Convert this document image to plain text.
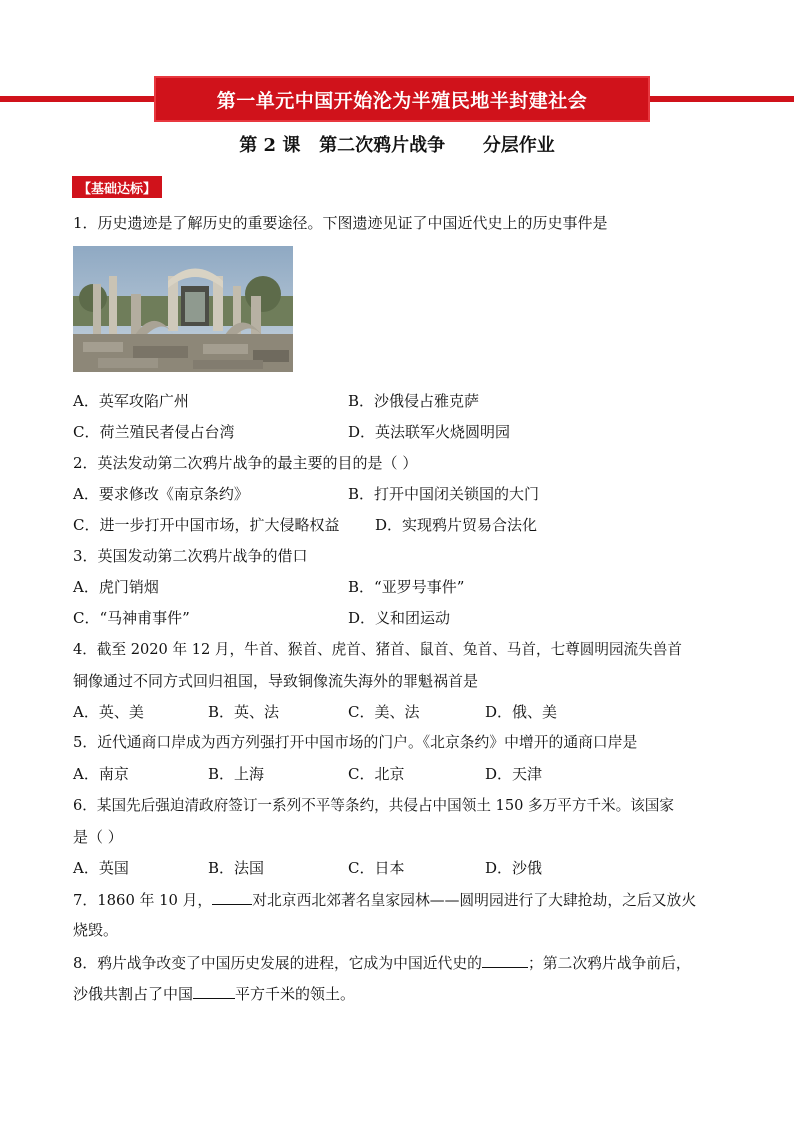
第一单元中国开始沦为半殖民地半封建社会
第 2 课   第二次鸦片战争      分层作业
【基础达标】
1．历史遗迹是了解历史的重要途径。下图遗迹见证了中国近代史上的历史事件是
A．英军攻陷广州	B．沙俄侵占雅克萨
C．荷兰殖民者侵占台湾	D．英法联军火烧圆明园
2．英法发动第二次鸦片战争的最主要的目的是（ ）
A．要求修改《南京条约》	B．打开中国闭关锁国的大门
C．进一步打开中国市场，扩大侵略权益 D．实现鸦片贸易合法化
3．英国发动第二次鸦片战争的借口
A．虎门销烟	B．“亚罗号事件”
C．“马神甫事件”	D．义和团运动
4．截至 2020 年 12 月，牛首、猴首、虎首、猪首、鼠首、兔首、马首，七尊圆明园流失兽首
铜像通过不同方式回归祖国，导致铜像流失海外的罪魁祸首是
A．英、美	B．英、法	C．美、法	D．俄、美
5．近代通商口岸成为西方列强打开中国市场的门户。《北京条约》中增开的通商口岸是
A．南京	B．上海	C．北京	D．天津
6．某国先后强迫清政府签订一系列不平等条约，共侵占中国领土 150 多万平方千米。该国家
是（ ）
A．英国	B．法国	C．日本	D．沙俄
7．1860 年 10 月，	对北京西北郊著名皇家园林——圆明园进行了大肆抢劫，之后又放火
烧毁。
8．鸦片战争改变了中国历史发展的进程，它成为中国近代史的	；第二次鸦片战争前后，
沙俄共割占了中国	平方千米的领土。
